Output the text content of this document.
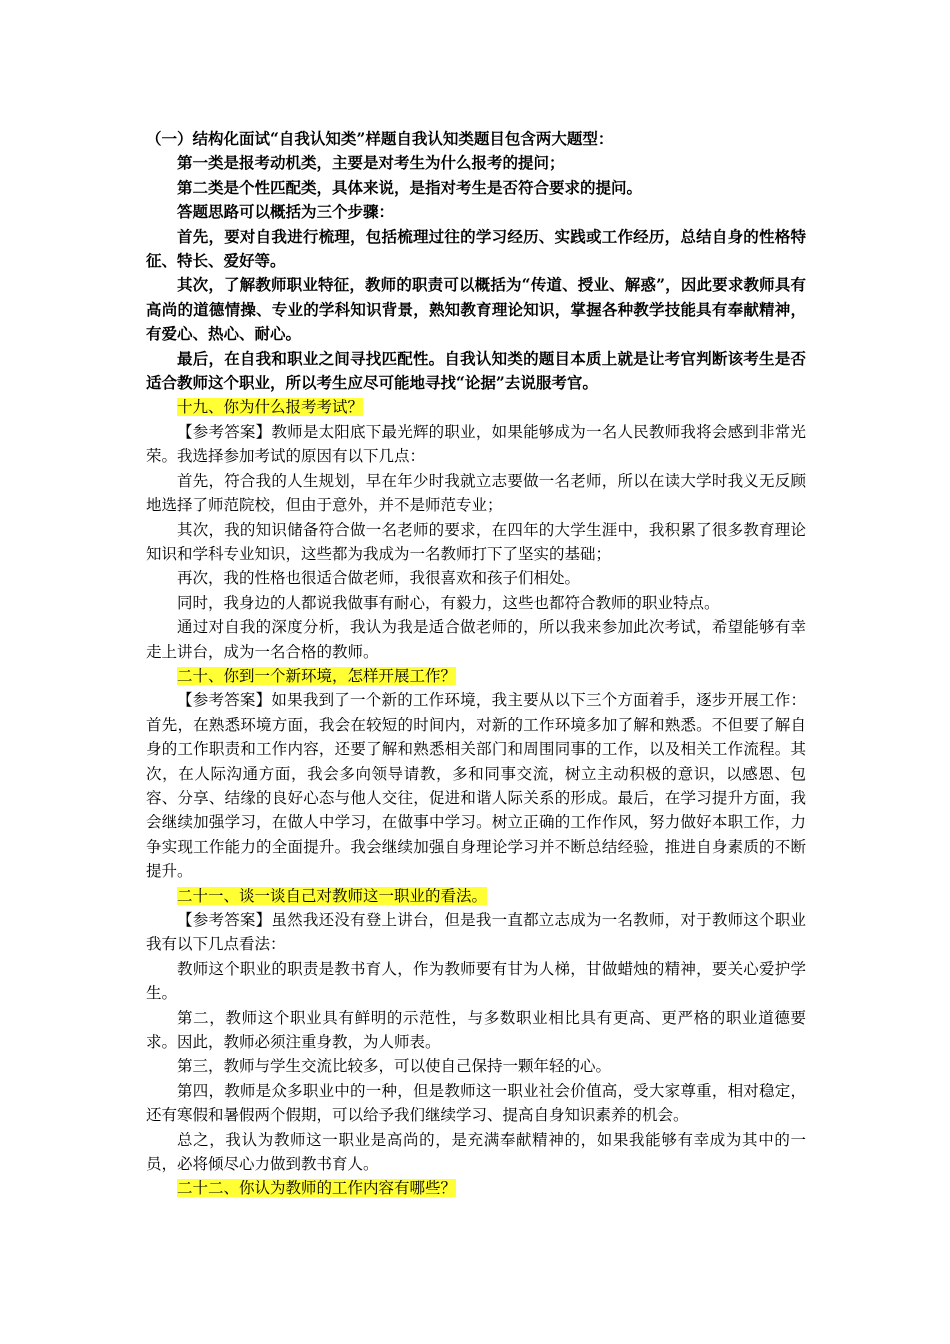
（一）结构化面试“自我认知类”样题自我认知类题目包含两大题型：

第一类是报考动机类，主要是对考生为什么报考的提问；

第二类是个性匹配类，具体来说，是指对考生是否符合要求的提问。

答题思路可以概括为三个步骤：

首先，要对自我进行梳理，包括梳理过往的学习经历、实践或工作经历，总结自身的性格特征、特长、爱好等。

其次，了解教师职业特征，教师的职责可以概括为“传道、授业、解惑”，因此要求教师具有高尚的道德情操、专业的学科知识背景，熟知教育理论知识，掌握各种教学技能具有奉献精神，有爱心、热心、耐心。

最后，在自我和职业之间寻找匹配性。自我认知类的题目本质上就是让考官判断该考生是否适合教师这个职业，所以考生应尽可能地寻找“论据”去说服考官。

十九、你为什么报考考试？

【参考答案】教师是太阳底下最光辉的职业，如果能够成为一名人民教师我将会感到非常光荣。我选择参加考试的原因有以下几点：

首先，符合我的人生规划，早在年少时我就立志要做一名老师，所以在读大学时我义无反顾地选择了师范院校，但由于意外，并不是师范专业；

其次，我的知识储备符合做一名老师的要求，在四年的大学生涯中，我积累了很多教育理论知识和学科专业知识，这些都为我成为一名教师打下了坚实的基础；

再次，我的性格也很适合做老师，我很喜欢和孩子们相处。

同时，我身边的人都说我做事有耐心，有毅力，这些也都符合教师的职业特点。

通过对自我的深度分析，我认为我是适合做老师的，所以我来参加此次考试，希望能够有幸走上讲台，成为一名合格的教师。

二十、你到一个新环境，怎样开展工作？

【参考答案】如果我到了一个新的工作环境，我主要从以下三个方面着手，逐步开展工作：首先，在熟悉环境方面，我会在较短的时间内，对新的工作环境多加了解和熟悉。不但要了解自身的工作职责和工作内容，还要了解和熟悉相关部门和周围同事的工作，以及相关工作流程。其次，在人际沟通方面，我会多向领导请教，多和同事交流，树立主动积极的意识，以感恩、包容、分享、结缘的良好心态与他人交往，促进和谐人际关系的形成。最后，在学习提升方面，我会继续加强学习，在做人中学习，在做事中学习。树立正确的工作作风，努力做好本职工作，力争实现工作能力的全面提升。我会继续加强自身理论学习并不断总结经验，推进自身素质的不断提升。

二十一、谈一谈自己对教师这一职业的看法。

【参考答案】虽然我还没有登上讲台，但是我一直都立志成为一名教师，对于教师这个职业我有以下几点看法：

教师这个职业的职责是教书育人，作为教师要有甘为人梯，甘做蜡烛的精神，要关心爱护学生。

第二，教师这个职业具有鲜明的示范性，与多数职业相比具有更高、更严格的职业道德要求。因此，教师必须注重身教，为人师表。

第三，教师与学生交流比较多，可以使自己保持一颗年轻的心。

第四，教师是众多职业中的一种，但是教师这一职业社会价值高，受大家尊重，相对稳定，还有寒假和暑假两个假期，可以给予我们继续学习、提高自身知识素养的机会。

总之，我认为教师这一职业是高尚的，是充满奉献精神的，如果我能够有幸成为其中的一员，必将倾尽心力做到教书育人。

二十二、你认为教师的工作内容有哪些？
